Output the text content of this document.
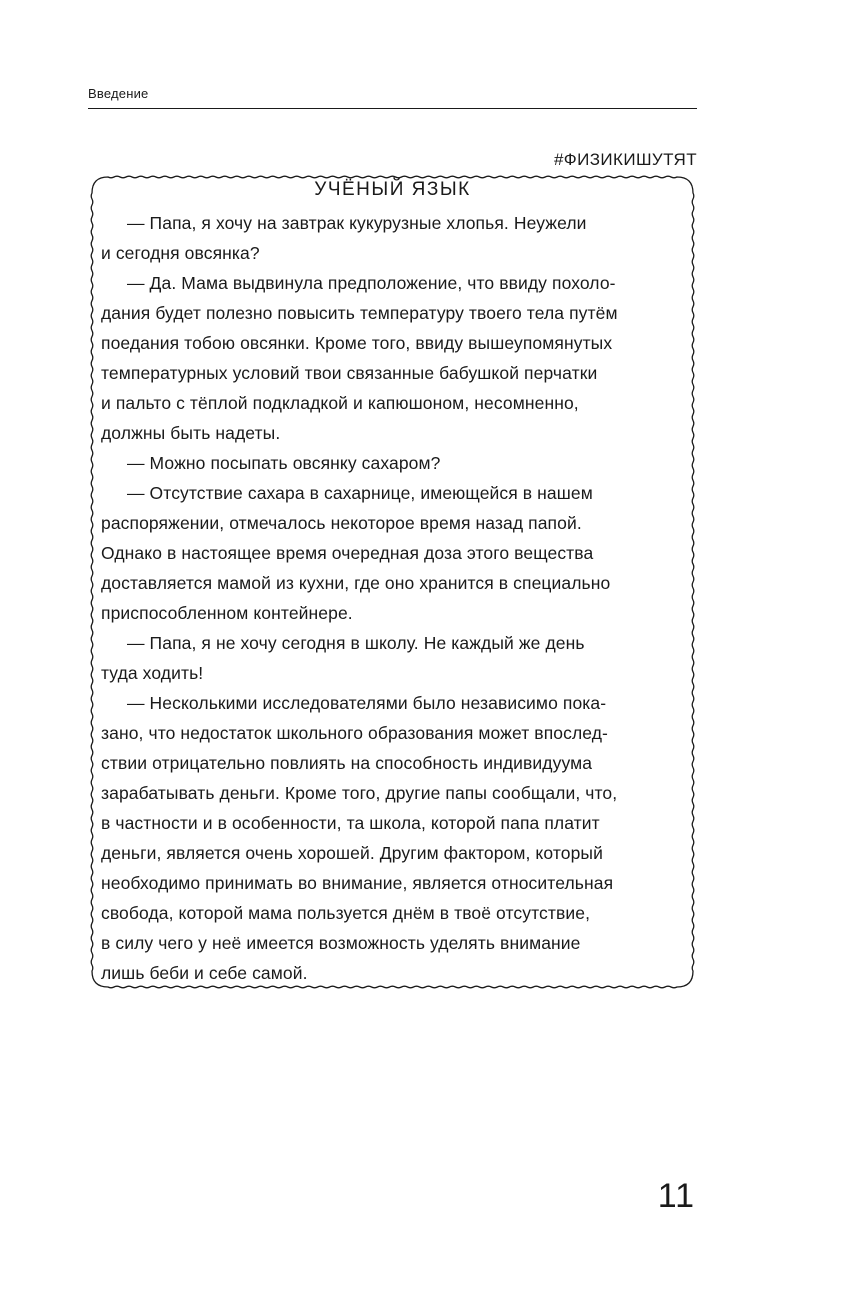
Введение
#ФИЗИКИШУТЯТ
УЧЁНЫЙ ЯЗЫК

— Папа, я хочу на завтрак кукурузные хлопья. Неужели

и сегодня овсянка?

— Да. Мама выдвинула предположение, что ввиду похоло-

дания будет полезно повысить температуру твоего тела путём

поедания тобою овсянки. Кроме того, ввиду вышеупомянутых

температурных условий твои связанные бабушкой перчатки

и пальто с тёплой подкладкой и капюшоном, несомненно,

должны быть надеты.

— Можно посыпать овсянку сахаром?

— Отсутствие сахара в сахарнице, имеющейся в нашем

распоряжении, отмечалось некоторое время назад папой.

Однако в настоящее время очередная доза этого вещества

доставляется мамой из кухни, где оно хранится в специально

приспособленном контейнере.

— Папа, я не хочу сегодня в школу. Не каждый же день

туда ходить!

— Несколькими исследователями было независимо пока-

зано, что недостаток школьного образования может впослед-

ствии отрицательно повлиять на способность индивидуума

зарабатывать деньги. Кроме того, другие папы сообщали, что,

в частности и в особенности, та школа, которой папа платит

деньги, является очень хорошей. Другим фактором, который

необходимо принимать во внимание, является относительная

свобода, которой мама пользуется днём в твоё отсутствие,

в силу чего у неё имеется возможность уделять внимание

лишь беби и себе самой.

11
